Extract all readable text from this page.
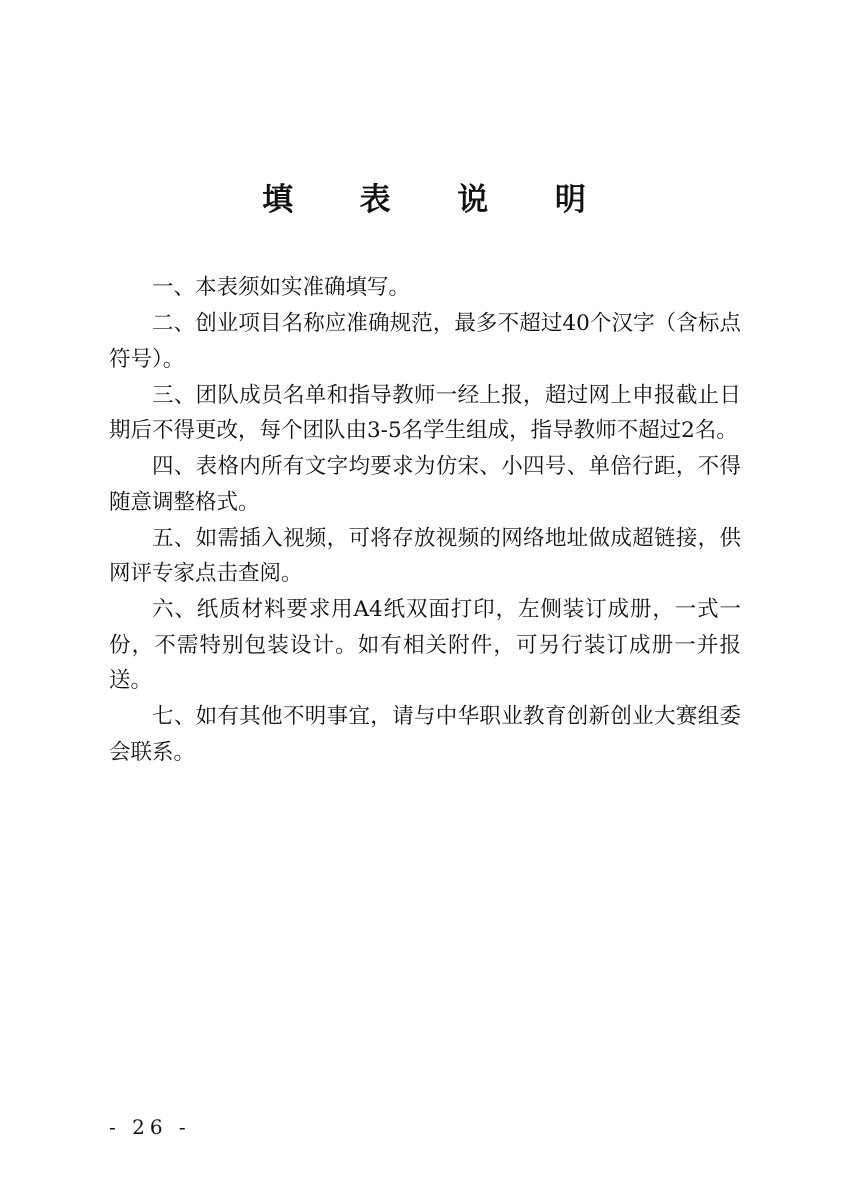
填 表 说 明

一、本表须如实准确填写。

二、创业项目名称应准确规范，最多不超过40个汉字（含标点符号）。

三、团队成员名单和指导教师一经上报，超过网上申报截止日期后不得更改，每个团队由3-5名学生组成，指导教师不超过2名。

四、表格内所有文字均要求为仿宋、小四号、单倍行距，不得随意调整格式。

五、如需插入视频，可将存放视频的网络地址做成超链接，供网评专家点击查阅。

六、纸质材料要求用A4纸双面打印，左侧装订成册，一式一份，不需特别包装设计。如有相关附件，可另行装订成册一并报送。

七、如有其他不明事宜，请与中华职业教育创新创业大赛组委会联系。

- 26 -
